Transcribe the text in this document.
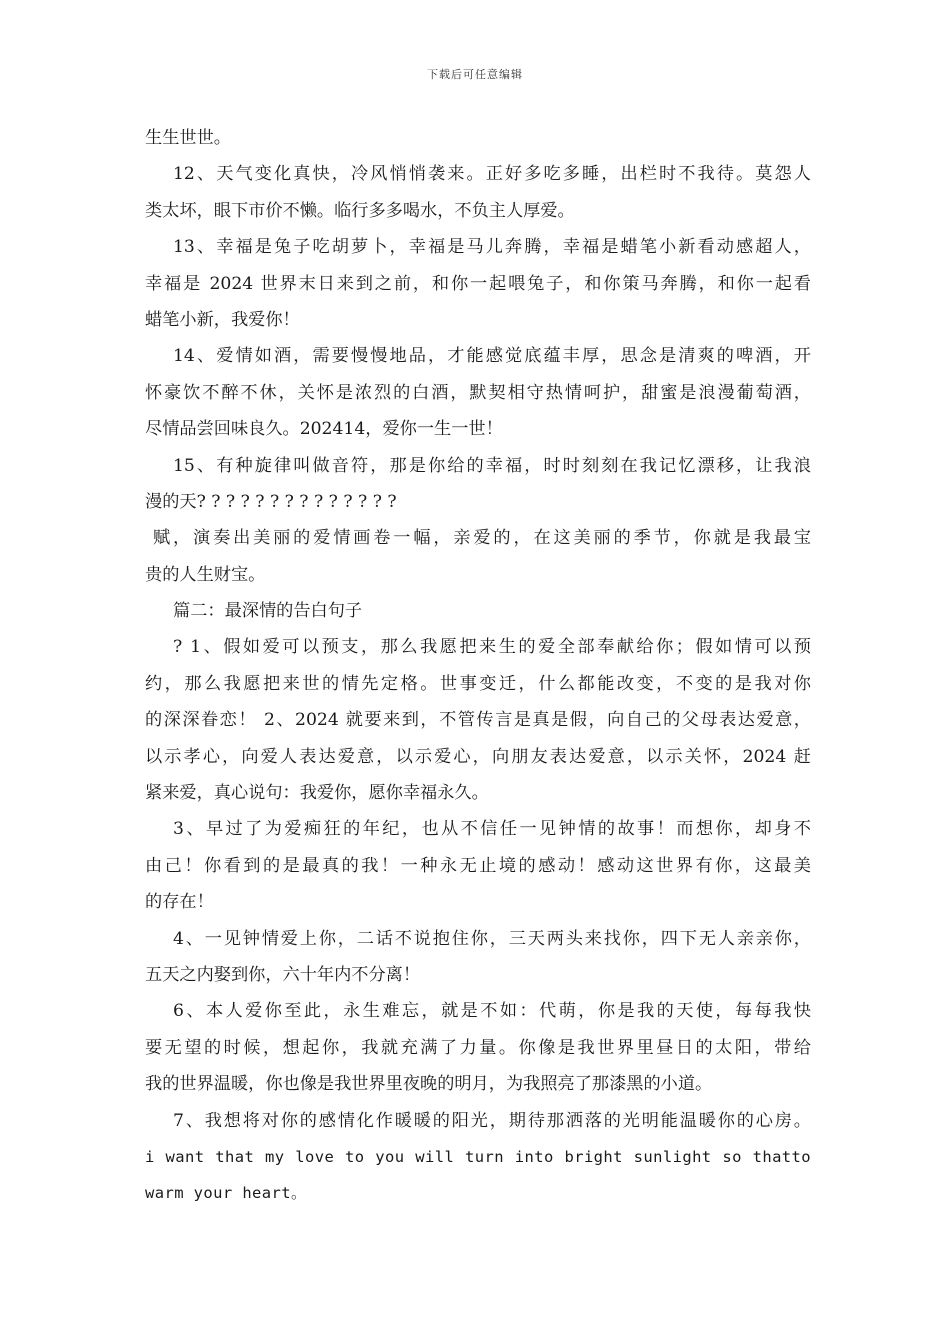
下载后可任意编辑
生生世世。
12、天气变化真快，冷风悄悄袭来。正好多吃多睡，出栏时不我待。莫怨人
类太坏，眼下市价不懒。临行多多喝水，不负主人厚爱。
13、幸福是兔子吃胡萝卜，幸福是马儿奔腾，幸福是蜡笔小新看动感超人，
幸福是 2024 世界末日来到之前，和你一起喂兔子，和你策马奔腾，和你一起看
蜡笔小新，我爱你！
14、爱情如酒，需要慢慢地品，才能感觉底蕴丰厚，思念是清爽的啤酒，开
怀豪饮不醉不休，关怀是浓烈的白酒，默契相守热情呵护，甜蜜是浪漫葡萄酒，
尽情品尝回味良久。202414，爱你一生一世！
15、有种旋律叫做音符，那是你给的幸福，时时刻刻在我记忆漂移，让我浪
漫的天? ? ? ? ? ? ? ? ? ? ? ? ? ?
赋，演奏出美丽的爱情画卷一幅，亲爱的，在这美丽的季节，你就是我最宝
贵的人生财宝。
篇二：最深情的告白句子
? 1、假如爱可以预支，那么我愿把来生的爱全部奉献给你；假如情可以预
约，那么我愿把来世的情先定格。世事变迁，什么都能改变，不变的是我对你
的深深眷恋！ 2、2024 就要来到，不管传言是真是假，向自己的父母表达爱意，
以示孝心，向爱人表达爱意，以示爱心，向朋友表达爱意，以示关怀，2024 赶
紧来爱，真心说句：我爱你，愿你幸福永久。
3、早过了为爱痴狂的年纪，也从不信任一见钟情的故事！而想你，却身不
由己！你看到的是最真的我！一种永无止境的感动！感动这世界有你，这最美
的存在！
4、一见钟情爱上你，二话不说抱住你，三天两头来找你，四下无人亲亲你，
五天之内娶到你，六十年内不分离！
6、本人爱你至此，永生难忘，就是不如：代萌，你是我的天使，每每我快
要无望的时候，想起你，我就充满了力量。你像是我世界里昼日的太阳，带给
我的世界温暖，你也像是我世界里夜晚的明月，为我照亮了那漆黑的小道。
7、我想将对你的感情化作暖暖的阳光，期待那洒落的光明能温暖你的心房。
i want that my love to you will turn into bright sunlight so thatto
warm your heart。
